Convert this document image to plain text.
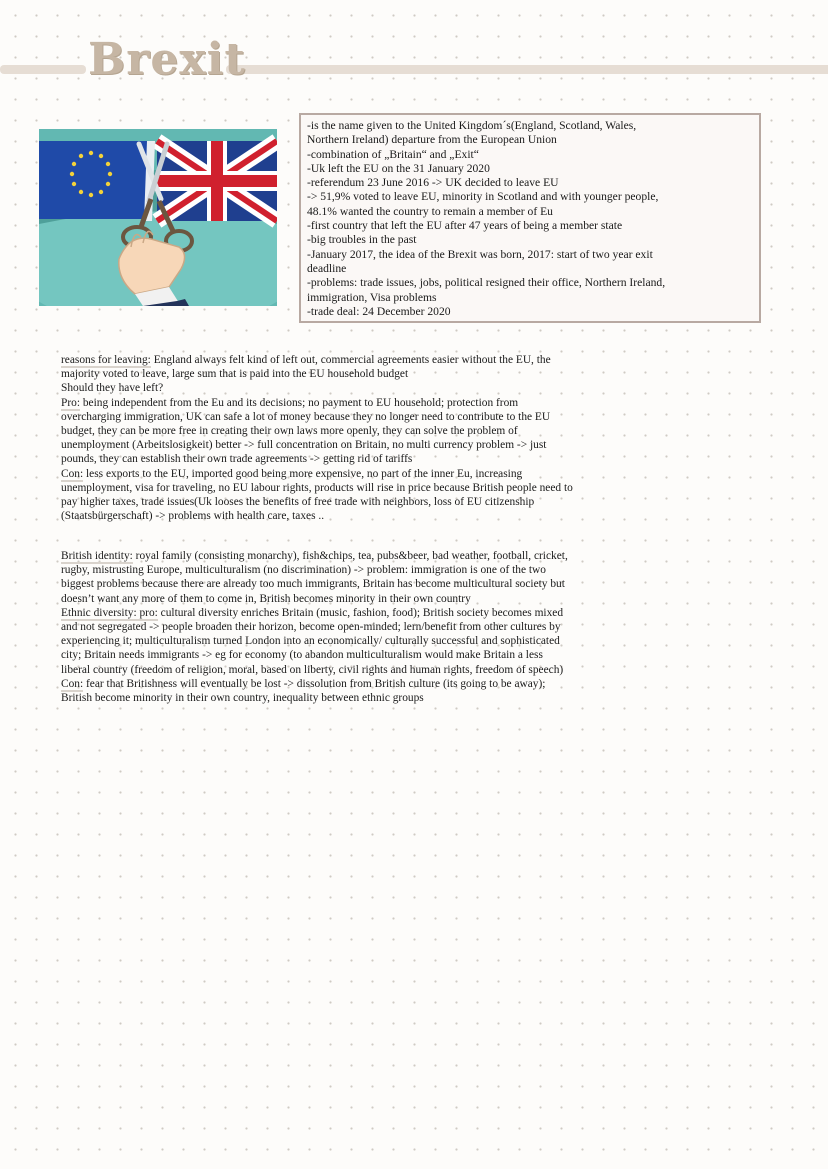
Brexit
-is the name given to the United Kingdom´s(England, Scotland, Wales,
Northern Ireland) departure from the European Union
-combination of „Britain“ and „Exit“
-Uk left the EU on the 31 January 2020
-referendum 23 June 2016 -> UK decided to leave EU
-> 51,9% voted to leave EU, minority in Scotland and with younger people,
48.1% wanted the country to remain a member of Eu
-first country that left the EU after 47 years of being a member state
-big troubles in the past
-January 2017, the idea of the Brexit was born, 2017: start of two year exit
deadline
-problems: trade issues, jobs, political resigned their office, Northern Ireland,
immigration, Visa problems
-trade deal: 24 December 2020
reasons for leaving: England always felt kind of left out, commercial agreements easier without the EU, the
majority voted to leave, large sum that is paid into the EU household budget
Should they have left?
Pro: being independent from the Eu and its decisions; no payment to EU household; protection from
overcharging immigration, UK can safe a lot of money because they no longer need to contribute to the EU
budget, they can be more free in creating their own laws more openly, they can solve the problem of
unemployment (Arbeitslosigkeit) better -> full concentration on Britain, no multi currency problem -> just
pounds, they can establish their own trade agreements -> getting rid of tariffs
Con: less exports to the EU, imported good being more expensive, no part of the inner Eu, increasing
unemployment, visa for traveling, no EU labour rights, products will rise in price because British people need to
pay higher taxes, trade issues(Uk looses the benefits of free trade with neighbors, loss of EU citizenship
(Staatsbürgerschaft) -> problems with health care, taxes ..
British identity: royal family (consisting monarchy), fish&chips, tea, pubs&beer, bad weather, football, cricket,
rugby, mistrusting Europe, multiculturalism (no discrimination) -> problem: immigration is one of the two
biggest problems because there are already too much immigrants, Britain has become multicultural society but
doesn’t want any more of them to come in, British becomes minority in their own country
Ethnic diversity: pro: cultural diversity enriches Britain (music, fashion, food); British society becomes mixed
and not segregated -> people broaden their horizon, become open-minded; lern/benefit from other cultures by
experiencing it; multiculturalism turned London into an economically/ culturally successful and sophisticated
city; Britain needs immigrants -> eg for economy (to abandon multiculturalism would make Britain a less
liberal country (freedom of religion, moral, based on liberty, civil rights and human rights, freedom of speech)
Con: fear that Britishness will eventually be lost -> dissolution from British culture (its going to be away);
British become minority in their own country, inequality between ethnic groups
